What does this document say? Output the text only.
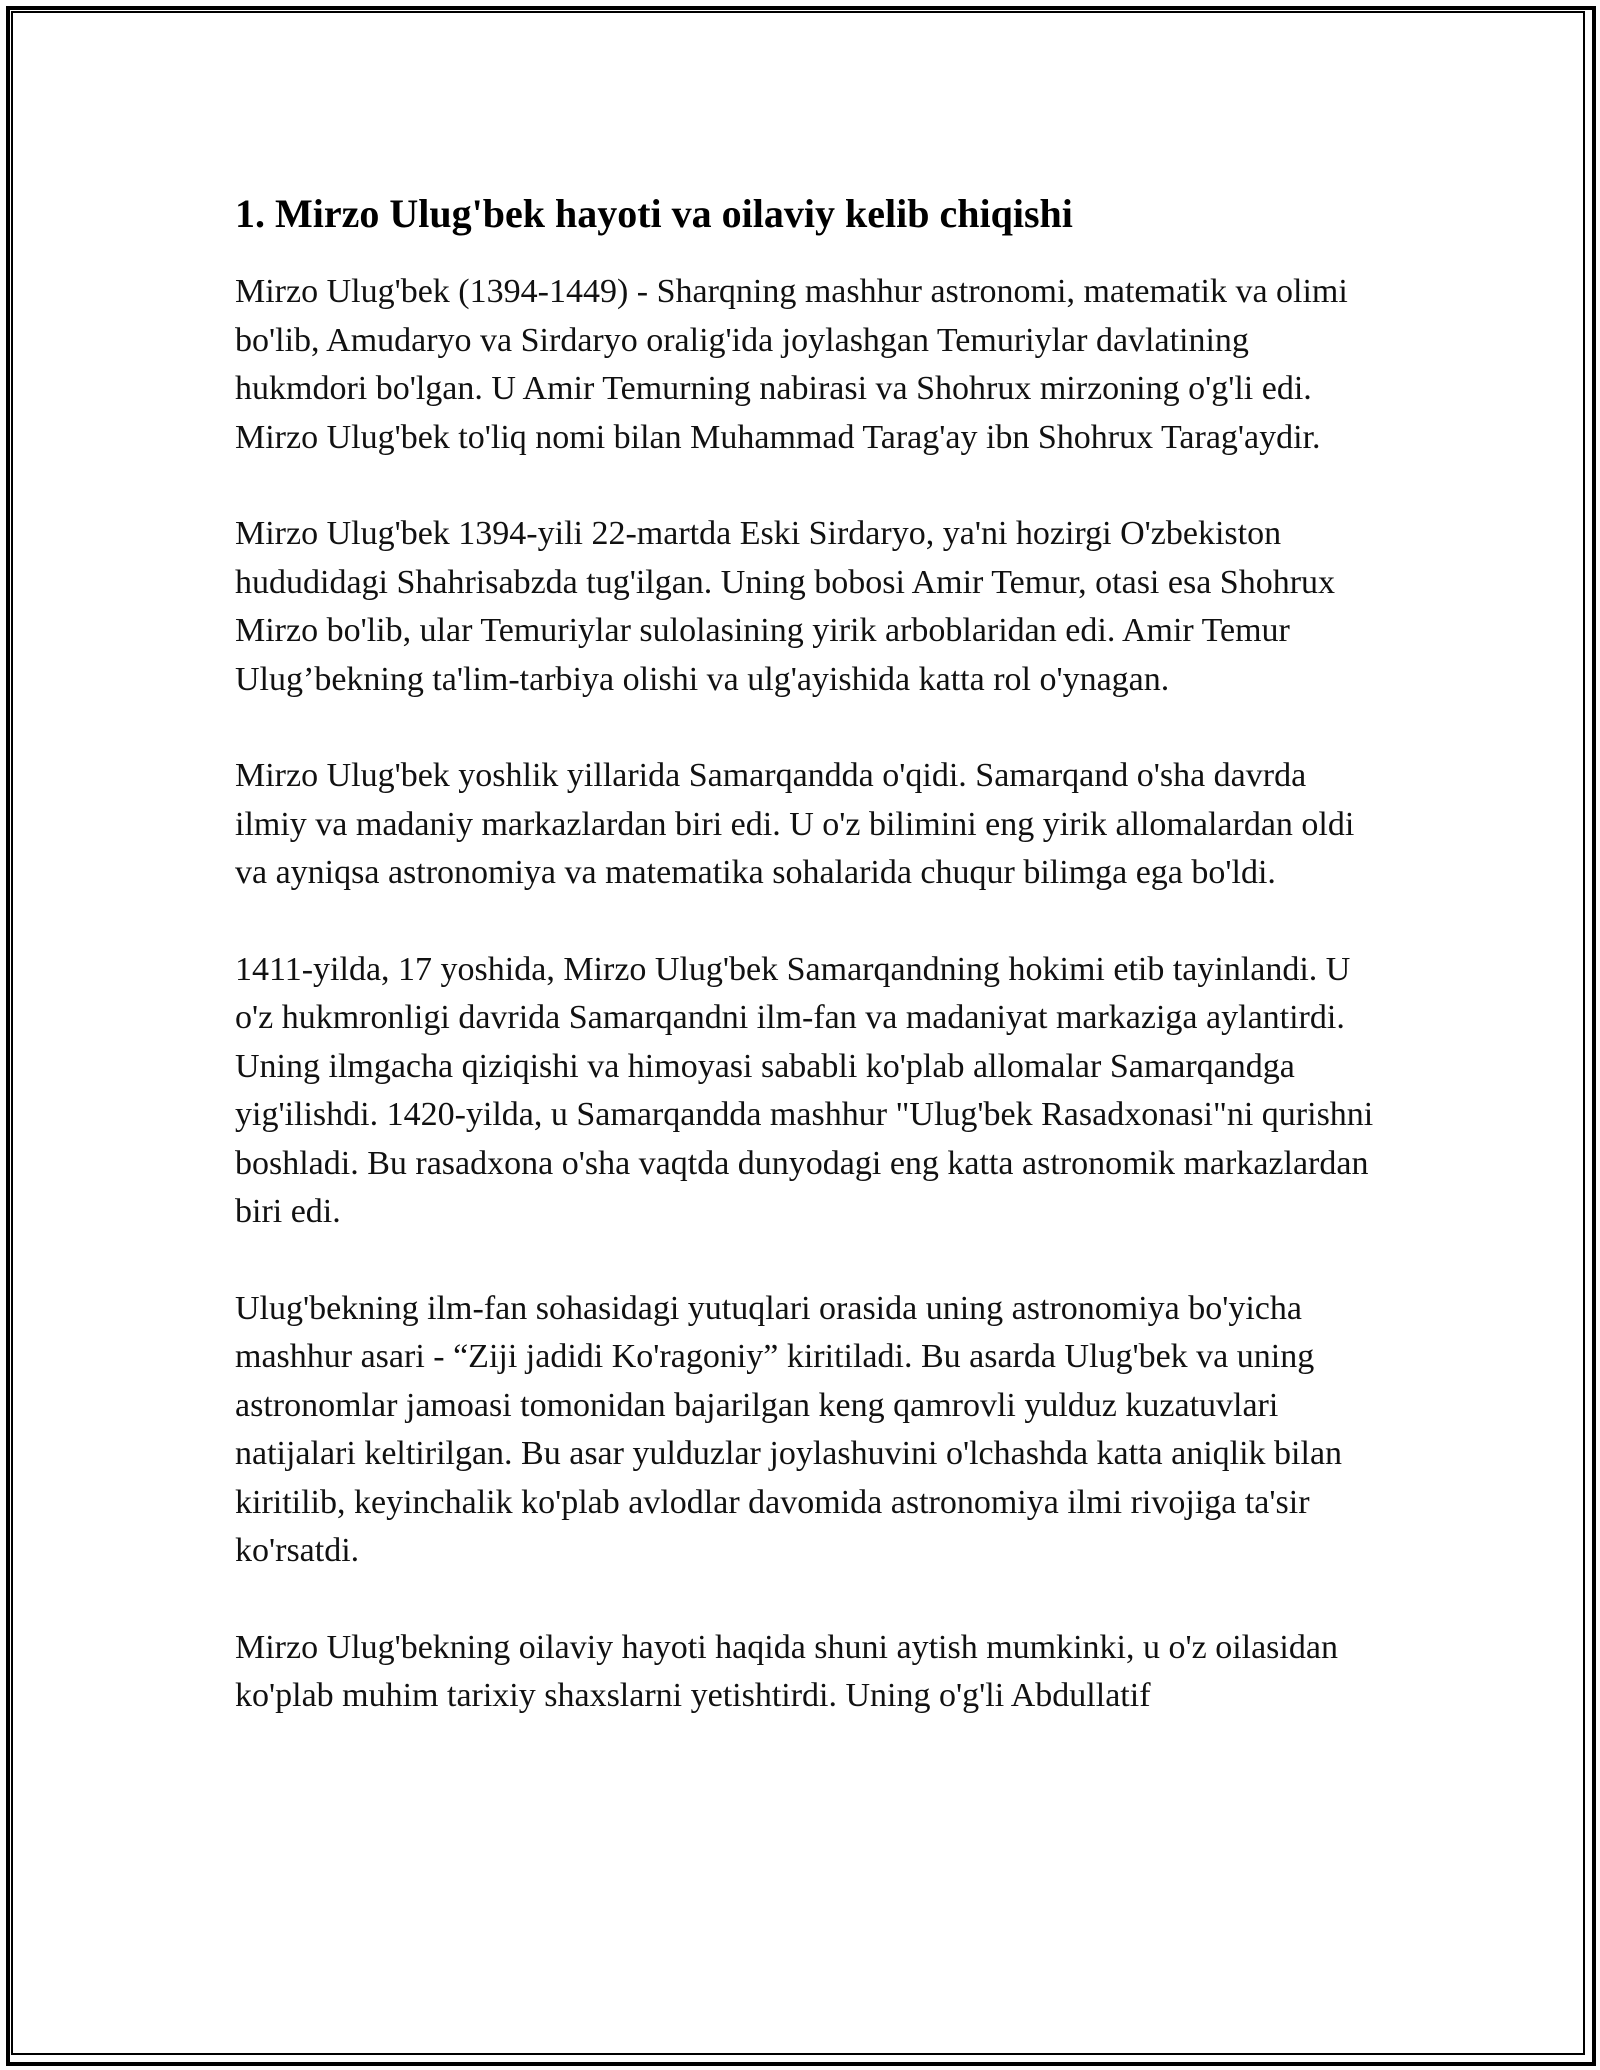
1. Mirzo Ulug'bek hayoti va oilaviy kelib chiqishi

Mirzo Ulug'bek (1394-1449) - Sharqning mashhur astronomi, matematik va olimi bo'lib, Amudaryo va Sirdaryo oralig'ida joylashgan Temuriylar davlatining hukmdori bo'lgan. U Amir Temurning nabirasi va Shohrux mirzoning o'g'li edi. Mirzo Ulug'bek to'liq nomi bilan Muhammad Tarag'ay ibn Shohrux Tarag'aydir.

Mirzo Ulug'bek 1394-yili 22-martda Eski Sirdaryo, ya'ni hozirgi O'zbekiston hududidagi Shahrisabzda tug'ilgan. Uning bobosi Amir Temur, otasi esa Shohrux Mirzo bo'lib, ular Temuriylar sulolasining yirik arboblaridan edi. Amir Temur Ulug’bekning ta'lim-tarbiya olishi va ulg'ayishida katta rol o'ynagan.

Mirzo Ulug'bek yoshlik yillarida Samarqandda o'qidi. Samarqand o'sha davrda ilmiy va madaniy markazlardan biri edi. U o'z bilimini eng yirik allomalardan oldi va ayniqsa astronomiya va matematika sohalarida chuqur bilimga ega bo'ldi.

1411-yilda, 17 yoshida, Mirzo Ulug'bek Samarqandning hokimi etib tayinlandi. U o'z hukmronligi davrida Samarqandni ilm-fan va madaniyat markaziga aylantirdi. Uning ilmgacha qiziqishi va himoyasi sababli ko'plab allomalar Samarqandga yig'ilishdi. 1420-yilda, u Samarqandda mashhur "Ulug'bek Rasadxonasi"ni qurishni boshladi. Bu rasadxona o'sha vaqtda dunyodagi eng katta astronomik markazlardan biri edi.

Ulug'bekning ilm-fan sohasidagi yutuqlari orasida uning astronomiya bo'yicha mashhur asari - “Ziji jadidi Ko'ragoniy” kiritiladi. Bu asarda Ulug'bek va uning astronomlar jamoasi tomonidan bajarilgan keng qamrovli yulduz kuzatuvlari natijalari keltirilgan. Bu asar yulduzlar joylashuvini o'lchashda katta aniqlik bilan kiritilib, keyinchalik ko'plab avlodlar davomida astronomiya ilmi rivojiga ta'sir ko'rsatdi.

Mirzo Ulug'bekning oilaviy hayoti haqida shuni aytish mumkinki, u o'z oilasidan ko'plab muhim tarixiy shaxslarni yetishtirdi. Uning o'g'li Abdullatif
